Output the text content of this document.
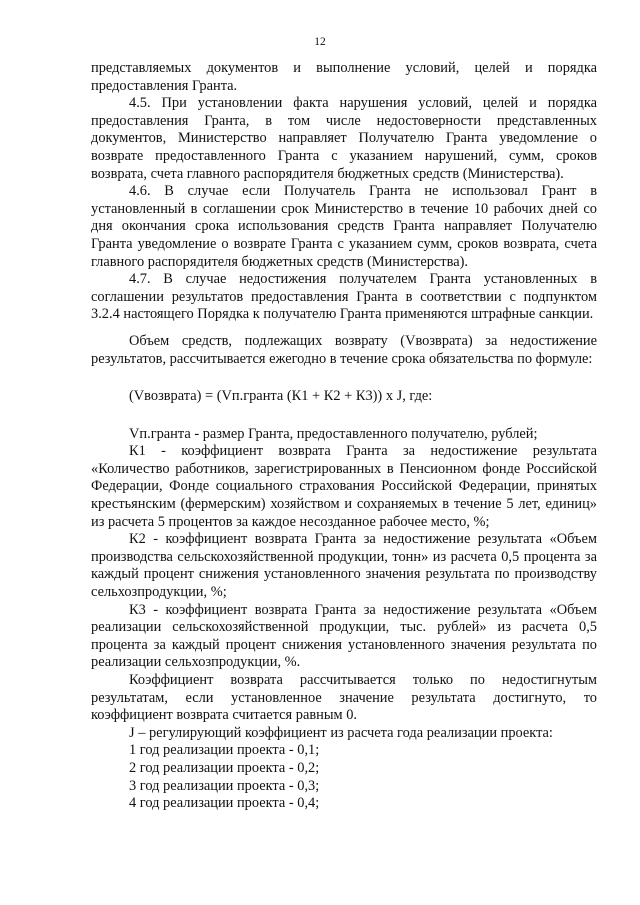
12

представляемых документов и выполнение условий, целей и порядка предоставления Гранта.

4.5. При установлении факта нарушения условий, целей и порядка предоставления Гранта, в том числе недостоверности представленных документов, Министерство направляет Получателю Гранта уведомление о возврате предоставленного Гранта с указанием нарушений, сумм, сроков возврата, счета главного распорядителя бюджетных средств (Министерства).

4.6. В случае если Получатель Гранта не использовал Грант в установленный в соглашении срок Министерство в течение 10 рабочих дней со дня окончания срока использования средств Гранта направляет Получателю Гранта уведомление о возврате Гранта с указанием сумм, сроков возврата, счета главного распорядителя бюджетных средств (Министерства).

4.7. В случае недостижения получателем Гранта установленных в соглашении результатов предоставления Гранта в соответствии с подпунктом 3.2.4 настоящего Порядка к получателю Гранта применяются штрафные санкции.

Объем средств, подлежащих возврату (Vвозврата) за недостижение результатов, рассчитывается ежегодно в течение срока обязательства по формуле:

(Vвозврата) = (Vп.гранта (К1 + К2 + К3)) х J, где:

Vп.гранта - размер Гранта, предоставленного получателю, рублей;

К1 - коэффициент возврата Гранта за недостижение результата «Количество работников, зарегистрированных в Пенсионном фонде Российской Федерации, Фонде социального страхования Российской Федерации, принятых крестьянским (фермерским) хозяйством и сохраняемых в течение 5 лет, единиц» из расчета 5 процентов за каждое несозданное рабочее место, %;

К2 - коэффициент возврата Гранта за недостижение результата «Объем производства сельскохозяйственной продукции, тонн» из расчета 0,5 процента за каждый процент снижения установленного значения результата по производству сельхозпродукции, %;

К3 - коэффициент возврата Гранта за недостижение результата «Объем реализации сельскохозяйственной продукции, тыс. рублей» из расчета 0,5 процента за каждый процент снижения установленного значения результата по реализации сельхозпродукции, %.

Коэффициент возврата рассчитывается только по недостигнутым результатам, если установленное значение результата достигнуто, то коэффициент возврата считается равным 0.

J – регулирующий коэффициент из расчета года реализации проекта:

1 год реализации проекта - 0,1;

2 год реализации проекта - 0,2;

3 год реализации проекта - 0,3;

4 год реализации проекта - 0,4;
